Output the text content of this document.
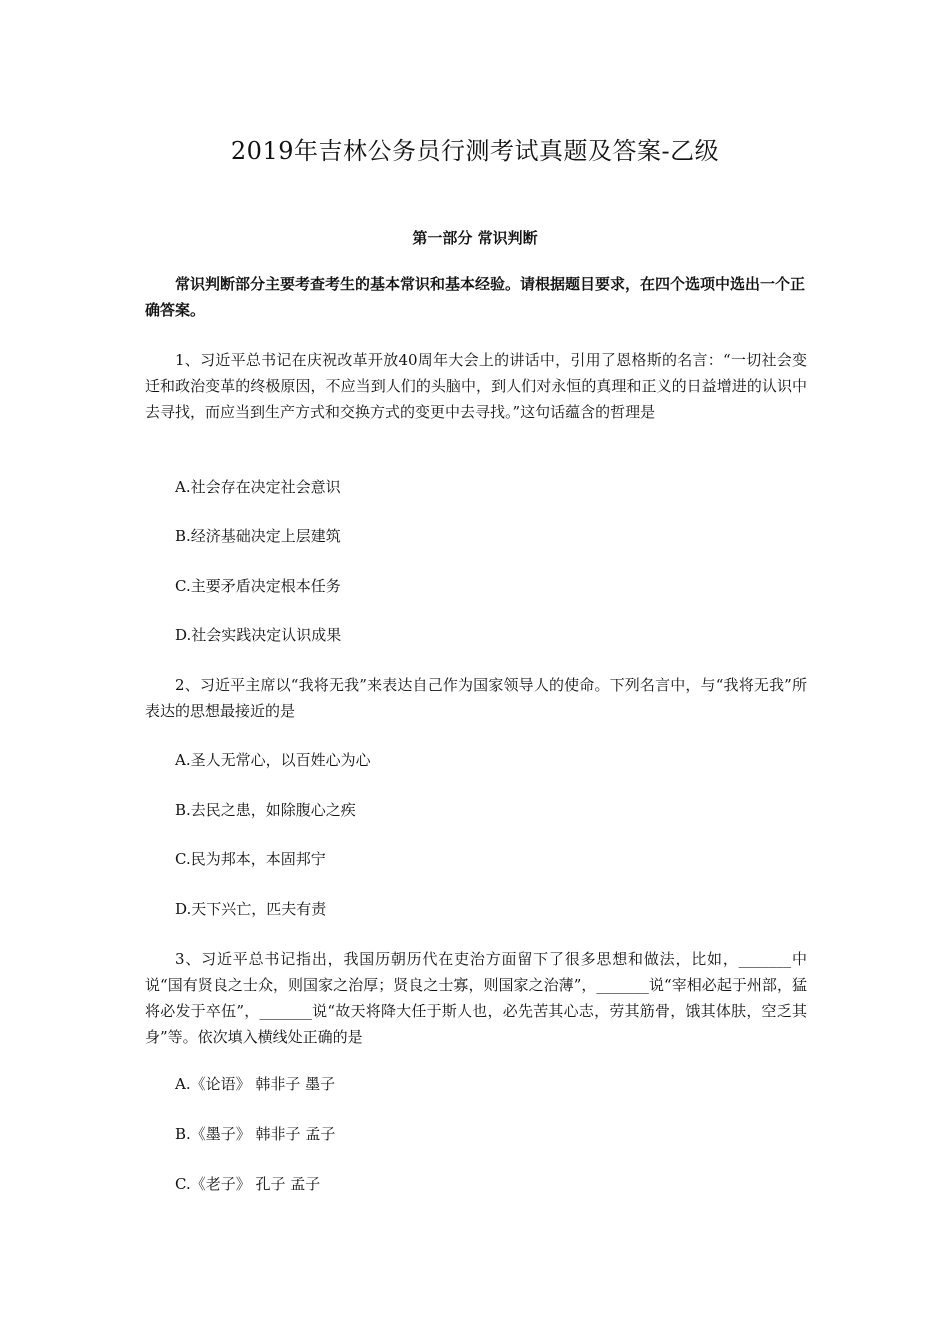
2019年吉林公务员行测考试真题及答案-乙级
第一部分 常识判断
常识判断部分主要考查考生的基本常识和基本经验。请根据题目要求，在四个选项中选出一个正确答案。
1、习近平总书记在庆祝改革开放40周年大会上的讲话中，引用了恩格斯的名言：“一切社会变迁和政治变革的终极原因，不应当到人们的头脑中，到人们对永恒的真理和正义的日益增进的认识中去寻找，而应当到生产方式和交换方式的变更中去寻找。”这句话蕴含的哲理是
A.社会存在决定社会意识
B.经济基础决定上层建筑
C.主要矛盾决定根本任务
D.社会实践决定认识成果
2、习近平主席以“我将无我”来表达自己作为国家领导人的使命。下列名言中，与“我将无我”所表达的思想最接近的是
A.圣人无常心，以百姓心为心
B.去民之患，如除腹心之疾
C.民为邦本，本固邦宁
D.天下兴亡，匹夫有责
3、习近平总书记指出，我国历朝历代在吏治方面留下了很多思想和做法，比如，_______中说“国有贤良之士众，则国家之治厚；贤良之士寡，则国家之治薄”，_______说“宰相必起于州部，猛将必发于卒伍”，_______说“故天将降大任于斯人也，必先苦其心志，劳其筋骨，饿其体肤，空乏其身”等。依次填入横线处正确的是
A.《论语》 韩非子 墨子
B.《墨子》 韩非子 孟子
C.《老子》 孔子 孟子
